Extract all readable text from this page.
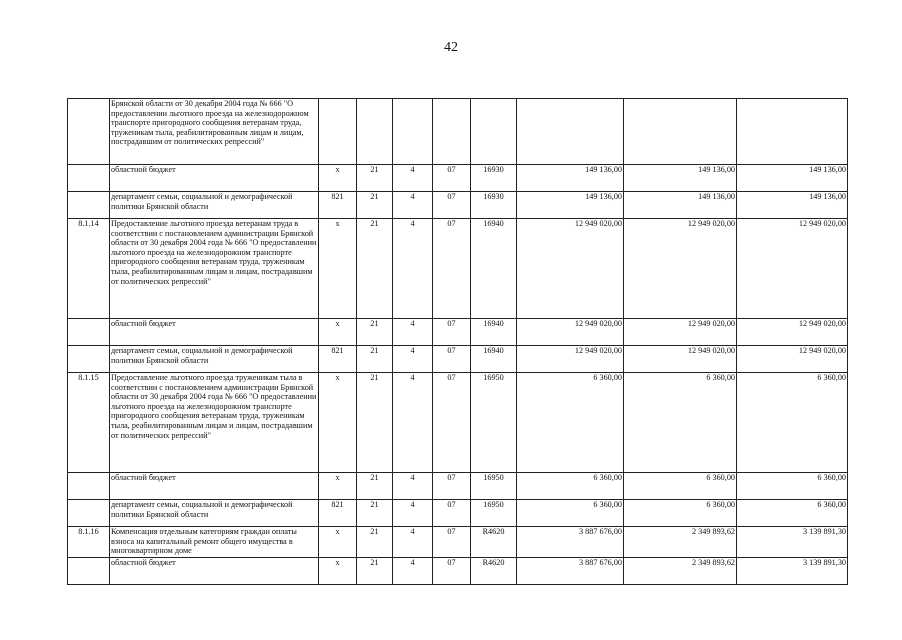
42
	Брянской области от 30 декабря 2004 года № 666 "О предоставлении льготного проезда на железнодорожном транспорте пригородного сообщения ветеранам труда, труженикам тыла, реабилитированным лицам и лицам, пострадавшим от политических репрессий"								
	областной бюджет	x	21	4	07	16930	149 136,00	149 136,00	149 136,00
	департамент семьи, социальной и демографической политики Брянской области	821	21	4	07	16930	149 136,00	149 136,00	149 136,00
8.1.14	Предоставление льготного проезда ветеранам труда в соответствии с постановлением администрации Брянской области от 30 декабря 2004 года № 666 "О предоставлении льготного проезда на железнодорожном транспорте пригородного сообщения ветеранам труда, труженикам тыла, реабилитированным лицам и лицам, пострадавшим от политических репрессий"	x	21	4	07	16940	12 949 020,00	12 949 020,00	12 949 020,00
	областной бюджет	x	21	4	07	16940	12 949 020,00	12 949 020,00	12 949 020,00
	департамент семьи, социальной и демографической политики Брянской области	821	21	4	07	16940	12 949 020,00	12 949 020,00	12 949 020,00
8.1.15	Предоставление льготного проезда труженикам тыла в соответствии с постановлением администрации Брянской области от 30 декабря 2004 года № 666 "О предоставлении льготного проезда на железнодорожном транспорте пригородного сообщения ветеранам труда, труженикам тыла, реабилитированным лицам и лицам, пострадавшим от политических репрессий"	x	21	4	07	16950	6 360,00	6 360,00	6 360,00
	областной бюджет	x	21	4	07	16950	6 360,00	6 360,00	6 360,00
	департамент семьи, социальной и демографической политики Брянской области	821	21	4	07	16950	6 360,00	6 360,00	6 360,00
8.1.16	Компенсация отдельным категориям граждан оплаты взноса на капитальный ремонт общего имущества в многоквартирном доме	x	21	4	07	R4620	3 887 676,00	2 349 893,62	3 139 891,30
	областной бюджет	x	21	4	07	R4620	3 887 676,00	2 349 893,62	3 139 891,30
